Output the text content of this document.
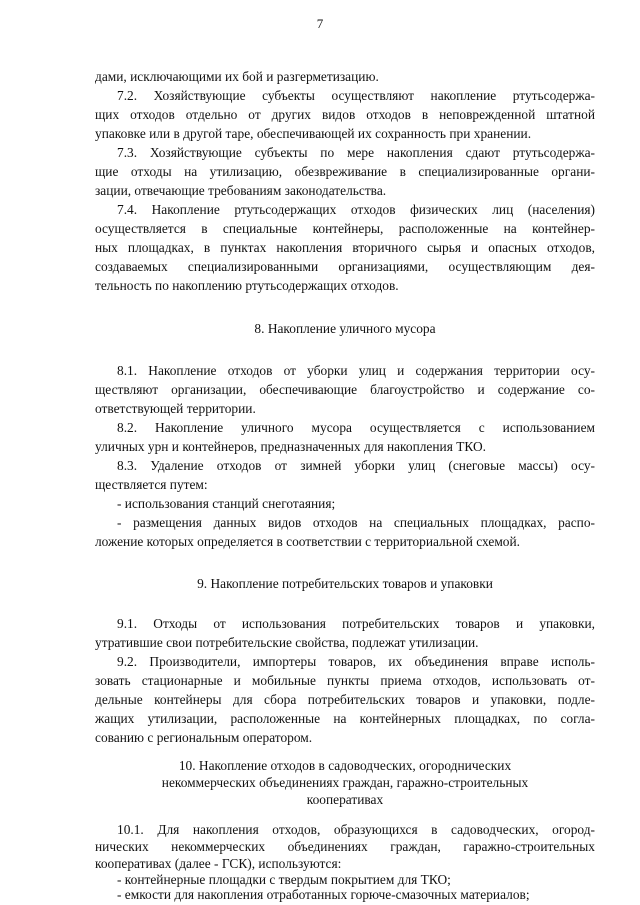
7
дами, исключающими их бой и разгерметизацию.
7.2. Хозяйствующие субъекты осуществляют накопление ртутьсодержа-
щих отходов отдельно от других видов отходов в неповрежденной штатной
упаковке или в другой таре, обеспечивающей их сохранность при хранении.
7.3. Хозяйствующие субъекты по мере накопления сдают ртутьсодержа-
щие отходы на утилизацию, обезвреживание в специализированные органи-
зации, отвечающие требованиям законодательства.
7.4. Накопление ртутьсодержащих отходов физических лиц (населения)
осуществляется в специальные контейнеры, расположенные на контейнер-
ных площадках, в пунктах накопления вторичного сырья и опасных отходов,
создаваемых специализированными организациями, осуществляющим дея-
тельность по накоплению ртутьсодержащих отходов.
8. Накопление уличного мусора
8.1. Накопление отходов от уборки улиц и содержания территории осу-
ществляют организации, обеспечивающие благоустройство и содержание со-
ответствующей территории.
8.2. Накопление уличного мусора осуществляется с использованием
уличных урн и контейнеров, предназначенных для накопления ТКО.
8.3. Удаление отходов от зимней уборки улиц (снеговые массы) осу-
ществляется путем:
- использования станций снеготаяния;
- размещения данных видов отходов на специальных площадках, распо-
ложение которых определяется в соответствии с территориальной схемой.
9. Накопление потребительских товаров и упаковки
9.1. Отходы от использования потребительских товаров и упаковки,
утратившие свои потребительские свойства, подлежат утилизации.
9.2. Производители, импортеры товаров, их объединения вправе исполь-
зовать стационарные и мобильные пункты приема отходов, использовать от-
дельные контейнеры для сбора потребительских товаров и упаковки, подле-
жащих утилизации, расположенные на контейнерных площадках, по согла-
сованию с региональным оператором.
10. Накопление отходов в садоводческих, огороднических
некоммерческих объединениях граждан, гаражно-строительных
кооперативах
10.1. Для накопления отходов, образующихся в садоводческих, огород-
нических некоммерческих объединениях граждан, гаражно-строительных
кооперативах (далее - ГСК), используются:
- контейнерные площадки с твердым покрытием для ТКО;
- емкости для накопления отработанных горюче-смазочных материалов;
